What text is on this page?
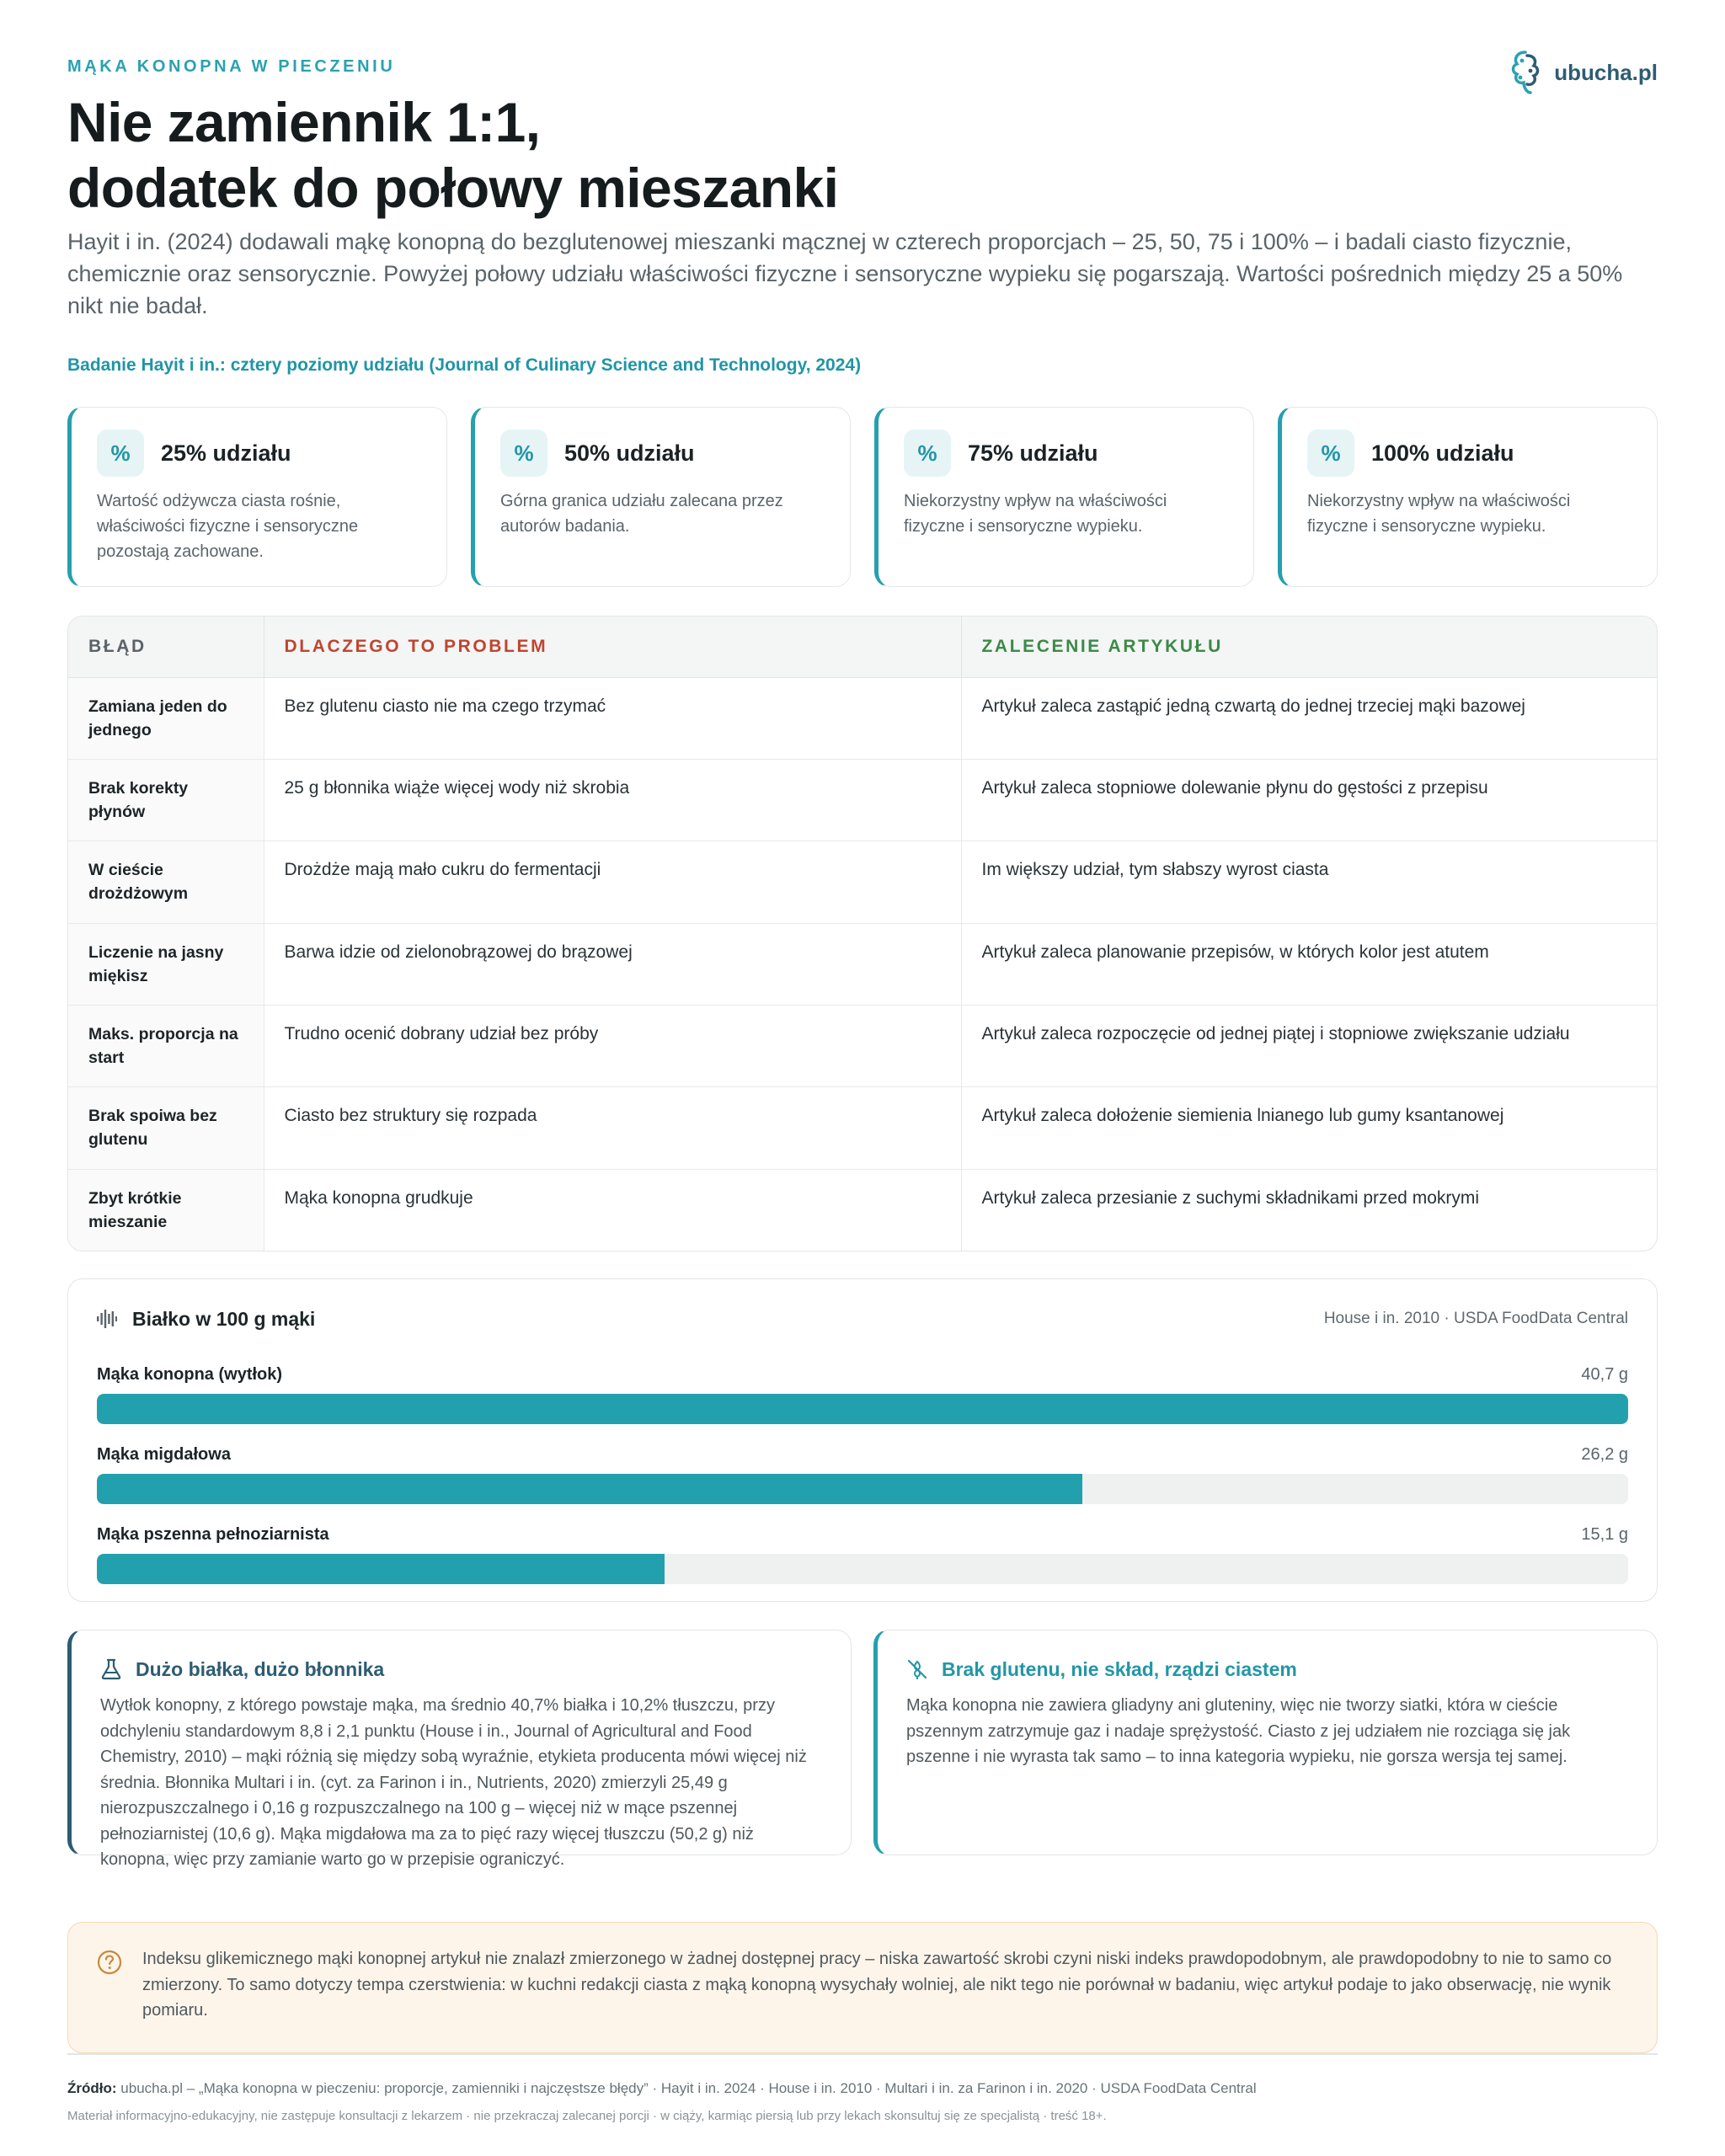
MĄKA KONOPNA W PIECZENIU	ubucha.pl
Nie zamiennik 1:1,
dodatek do połowy mieszanki

Hayit i in. (2024) dodawali mąkę konopną do bezglutenowej mieszanki mącznej w czterech proporcjach – 25, 50, 75 i 100% – i badali ciasto fizycznie, chemicznie oraz sensorycznie. Powyżej połowy udziału właściwości fizyczne i sensoryczne wypieku się pogarszają. Wartości pośrednich między 25 a 50% nikt nie badał.

Badanie Hayit i in.: cztery poziomy udziału (Journal of Culinary Science and Technology, 2024)
%	25% udziału
Wartość odżywcza ciasta rośnie, właściwości fizyczne i sensoryczne pozostają zachowane.
%	50% udziału
Górna granica udziału zalecana przez autorów badania.
%	75% udziału
Niekorzystny wpływ na właściwości fizyczne i sensoryczne wypieku.
%	100% udziału
Niekorzystny wpływ na właściwości fizyczne i sensoryczne wypieku.
BŁĄD	DLACZEGO TO PROBLEM	ZALECENIE ARTYKUŁU
Zamiana jeden do jednego	Bez glutenu ciasto nie ma czego trzymać	Artykuł zaleca zastąpić jedną czwartą do jednej trzeciej mąki bazowej
Brak korekty płynów	25 g błonnika wiąże więcej wody niż skrobia	Artykuł zaleca stopniowe dolewanie płynu do gęstości z przepisu
W cieście drożdżowym	Drożdże mają mało cukru do fermentacji	Im większy udział, tym słabszy wyrost ciasta
Liczenie na jasny miękisz	Barwa idzie od zielonobrązowej do brązowej	Artykuł zaleca planowanie przepisów, w których kolor jest atutem
Maks. proporcja na start	Trudno ocenić dobrany udział bez próby	Artykuł zaleca rozpoczęcie od jednej piątej i stopniowe zwiększanie udziału
Brak spoiwa bez glutenu	Ciasto bez struktury się rozpada	Artykuł zaleca dołożenie siemienia lnianego lub gumy ksantanowej
Zbyt krótkie mieszanie	Mąka konopna grudkuje	Artykuł zaleca przesianie z suchymi składnikami przed mokrymi
Białko w 100 g mąki	House i in. 2010 · USDA FoodData Central
Mąka konopna (wytłok)	40,7 g
Mąka migdałowa	26,2 g
Mąka pszenna pełnoziarnista	15,1 g
Dużo białka, dużo błonnika
Wytłok konopny, z którego powstaje mąka, ma średnio 40,7% białka i 10,2% tłuszczu, przy odchyleniu standardowym 8,8 i 2,1 punktu (House i in., Journal of Agricultural and Food Chemistry, 2010) – mąki różnią się między sobą wyraźnie, etykieta producenta mówi więcej niż średnia. Błonnika Multari i in. (cyt. za Farinon i in., Nutrients, 2020) zmierzyli 25,49 g nierozpuszczalnego i 0,16 g rozpuszczalnego na 100 g – więcej niż w mące pszennej pełnoziarnistej (10,6 g). Mąka migdałowa ma za to pięć razy więcej tłuszczu (50,2 g) niż konopna, więc przy zamianie warto go w przepisie ograniczyć.
Brak glutenu, nie skład, rządzi ciastem
Mąka konopna nie zawiera gliadyny ani gluteniny, więc nie tworzy siatki, która w cieście pszennym zatrzymuje gaz i nadaje sprężystość. Ciasto z jej udziałem nie rozciąga się jak pszenne i nie wyrasta tak samo – to inna kategoria wypieku, nie gorsza wersja tej samej.
Indeksu glikemicznego mąki konopnej artykuł nie znalazł zmierzonego w żadnej dostępnej pracy – niska zawartość skrobi czyni niski indeks prawdopodobnym, ale prawdopodobny to nie to samo co zmierzony. To samo dotyczy tempa czerstwienia: w kuchni redakcji ciasta z mąką konopną wysychały wolniej, ale nikt tego nie porównał w badaniu, więc artykuł podaje to jako obserwację, nie wynik pomiaru.
Źródło: ubucha.pl – „Mąka konopna w pieczeniu: proporcje, zamienniki i najczęstsze błędy” · Hayit i in. 2024 · House i in. 2010 · Multari i in. za Farinon i in. 2020 · USDA FoodData Central
Materiał informacyjno-edukacyjny, nie zastępuje konsultacji z lekarzem · nie przekraczaj zalecanej porcji · w ciąży, karmiąc piersią lub przy lekach skonsultuj się ze specjalistą · treść 18+.
